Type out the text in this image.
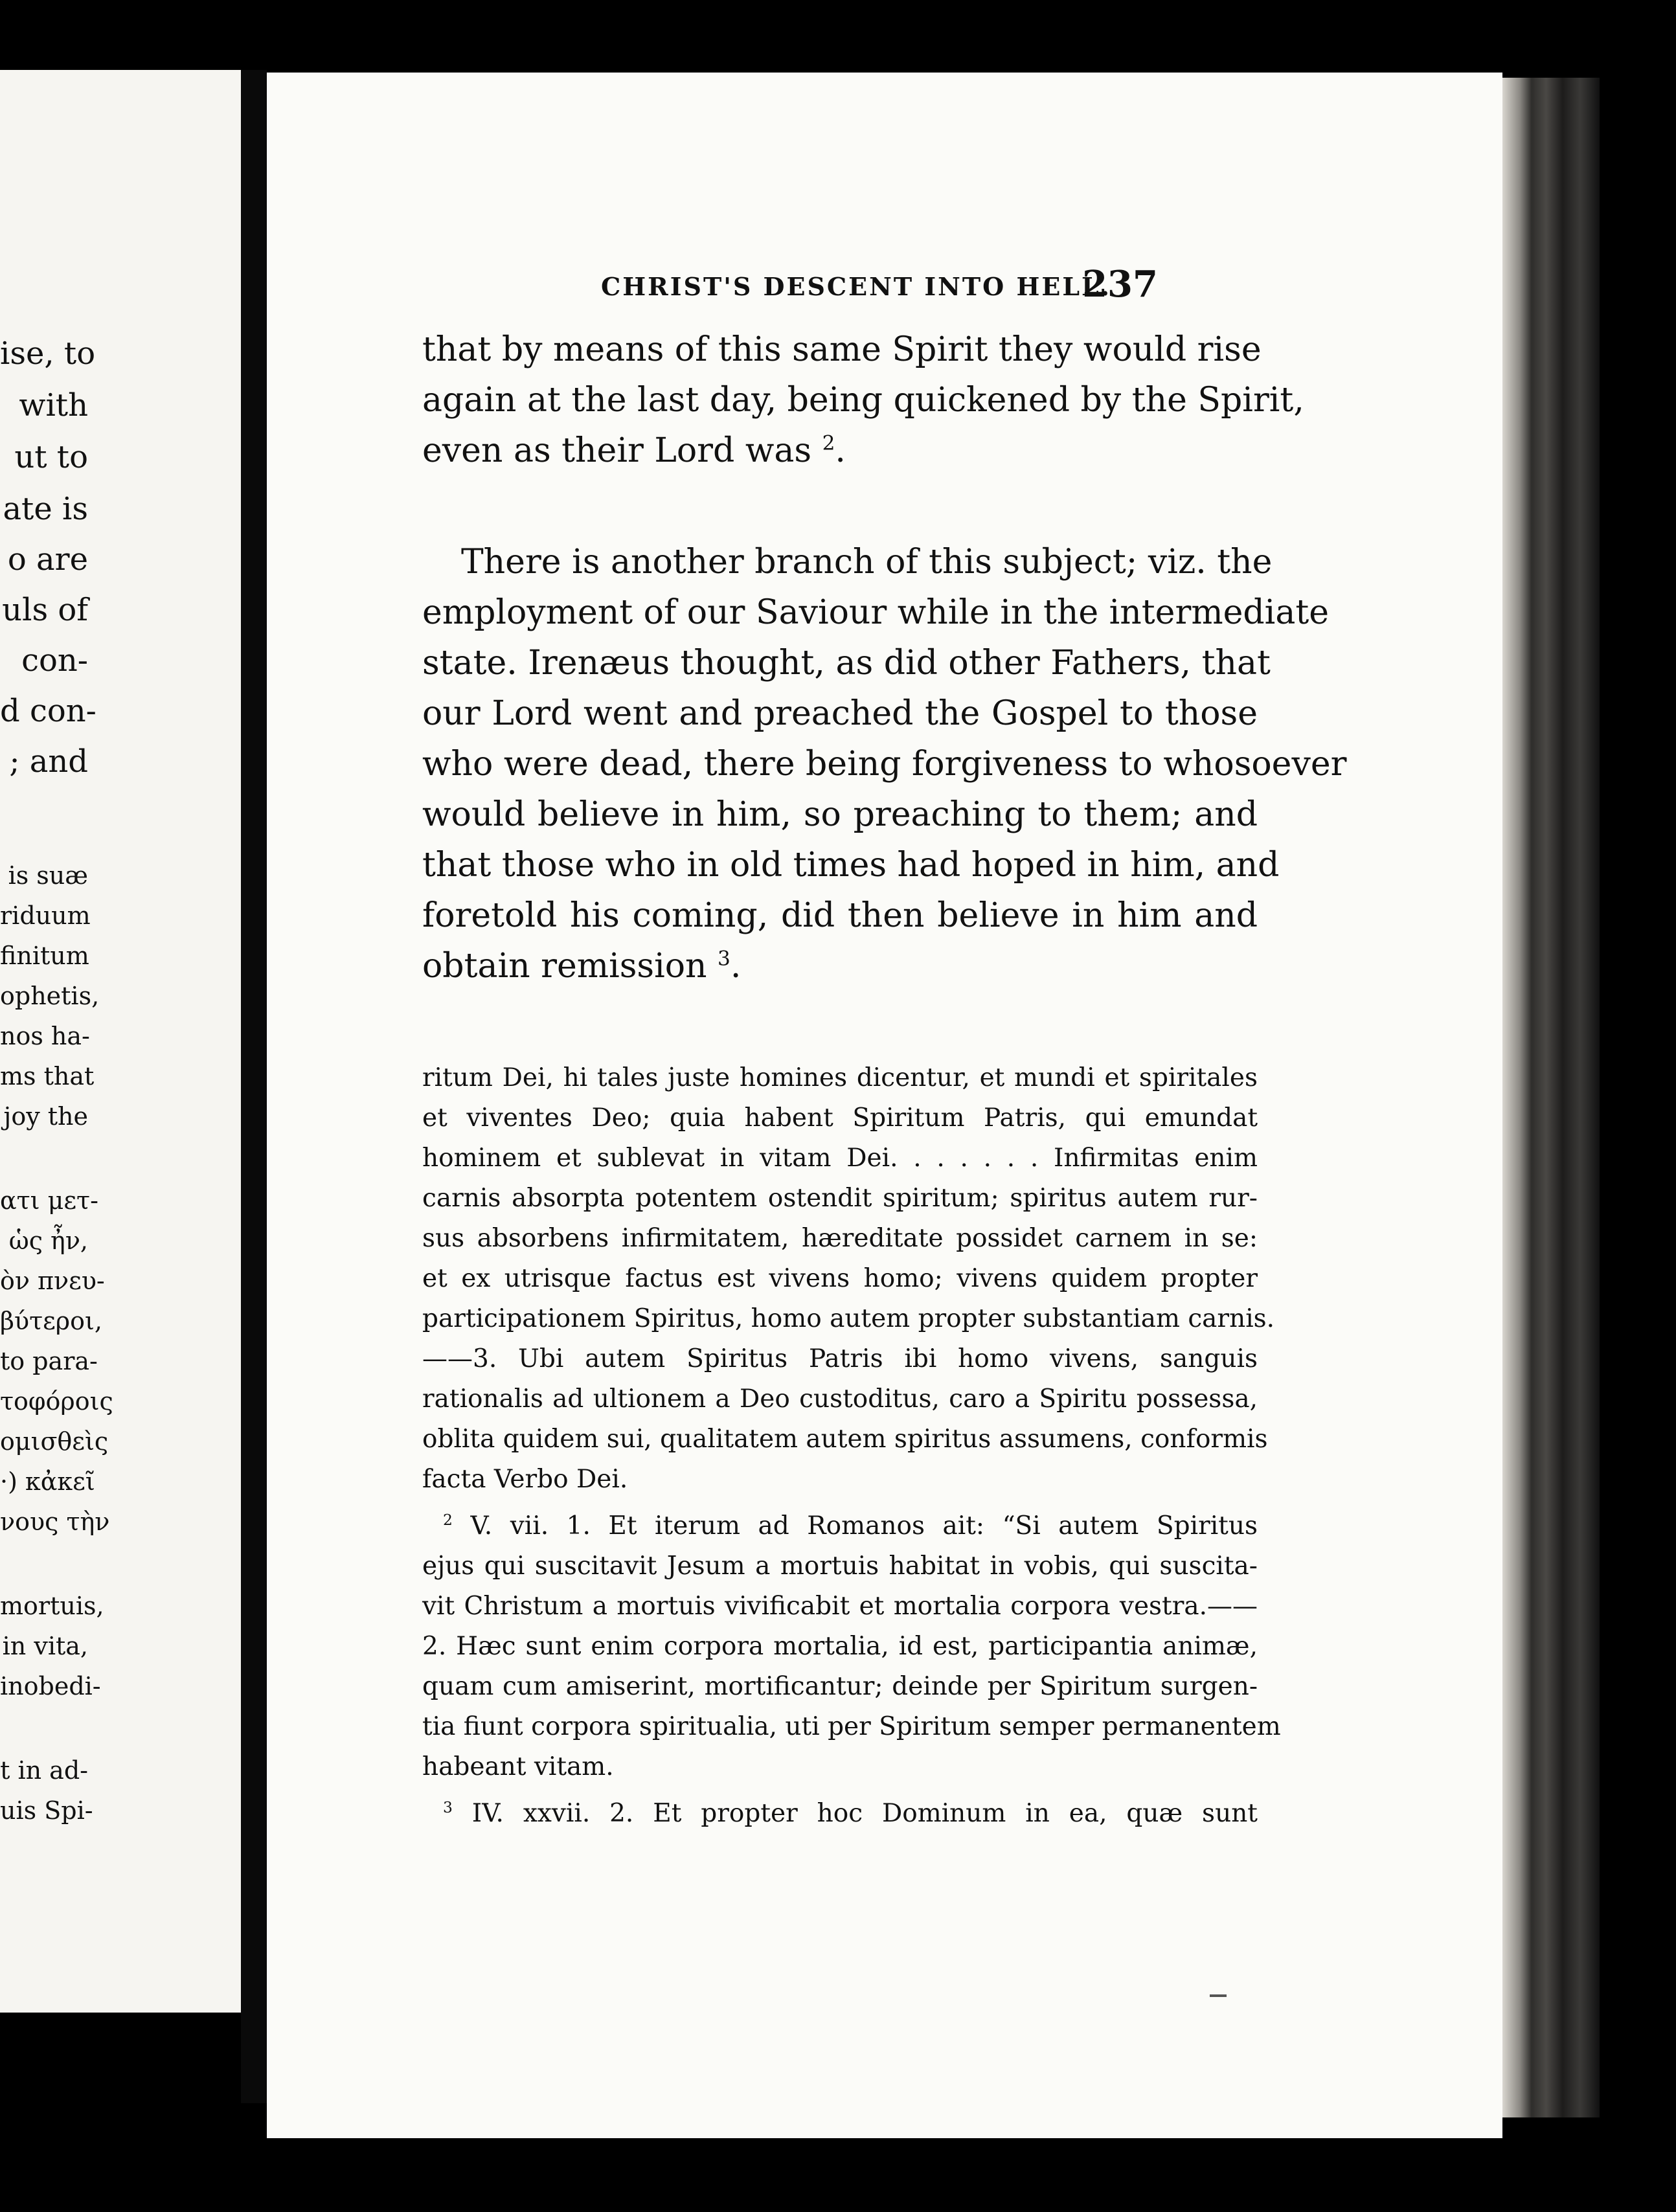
ise, to
with
ut to
ate is
o are
uls of
con-
d con-
; and
is suæ
riduum
finitum
ophetis,
nos ha-
ms that
joy the
ατι μετ-
ὡς ἦν,
ὸν πνευ-
βύτεροι,
to para-
τοφόροις
ομισθεὶς
·) κἀκεῖ
νους τὴν
mortuis,
in vita,
inobedi-
t in ad-
uis Spi-
CHRIST'S DESCENT INTO HELL.
237
that by means of this same Spirit they would rise
again at the last day, being quickened by the Spirit,
even as their Lord was $^2$.
There is another branch of this subject; viz. the
employment of our Saviour while in the intermediate
state. Irenæus thought, as did other Fathers, that
our Lord went and preached the Gospel to those
who were dead, there being forgiveness to whosoever
would believe in him, so preaching to them; and
that those who in old times had hoped in him, and
foretold his coming, did then believe in him and
obtain remission $^3$.
ritum Dei, hi tales juste homines dicentur, et mundi et spiritales
et viventes Deo; quia habent Spiritum Patris, qui emundat
hominem et sublevat in vitam Dei. . . . . . . Infirmitas enim
carnis absorpta potentem ostendit spiritum; spiritus autem rur-
sus absorbens infirmitatem, hæreditate possidet carnem in se:
et ex utrisque factus est vivens homo; vivens quidem propter
participationem Spiritus, homo autem propter substantiam carnis.
——3. Ubi autem Spiritus Patris ibi homo vivens, sanguis
rationalis ad ultionem a Deo custoditus, caro a Spiritu possessa,
oblita quidem sui, qualitatem autem spiritus assumens, conformis
facta Verbo Dei.
$^2$ V. vii. 1. Et iterum ad Romanos ait: “Si autem Spiritus
ejus qui suscitavit Jesum a mortuis habitat in vobis, qui suscita-
vit Christum a mortuis vivificabit et mortalia corpora vestra.——
2. Hæc sunt enim corpora mortalia, id est, participantia animæ,
quam cum amiserint, mortificantur; deinde per Spiritum surgen-
tia fiunt corpora spiritualia, uti per Spiritum semper permanentem
habeant vitam.
$^3$ IV. xxvii. 2. Et propter hoc Dominum in ea, quæ sunt
